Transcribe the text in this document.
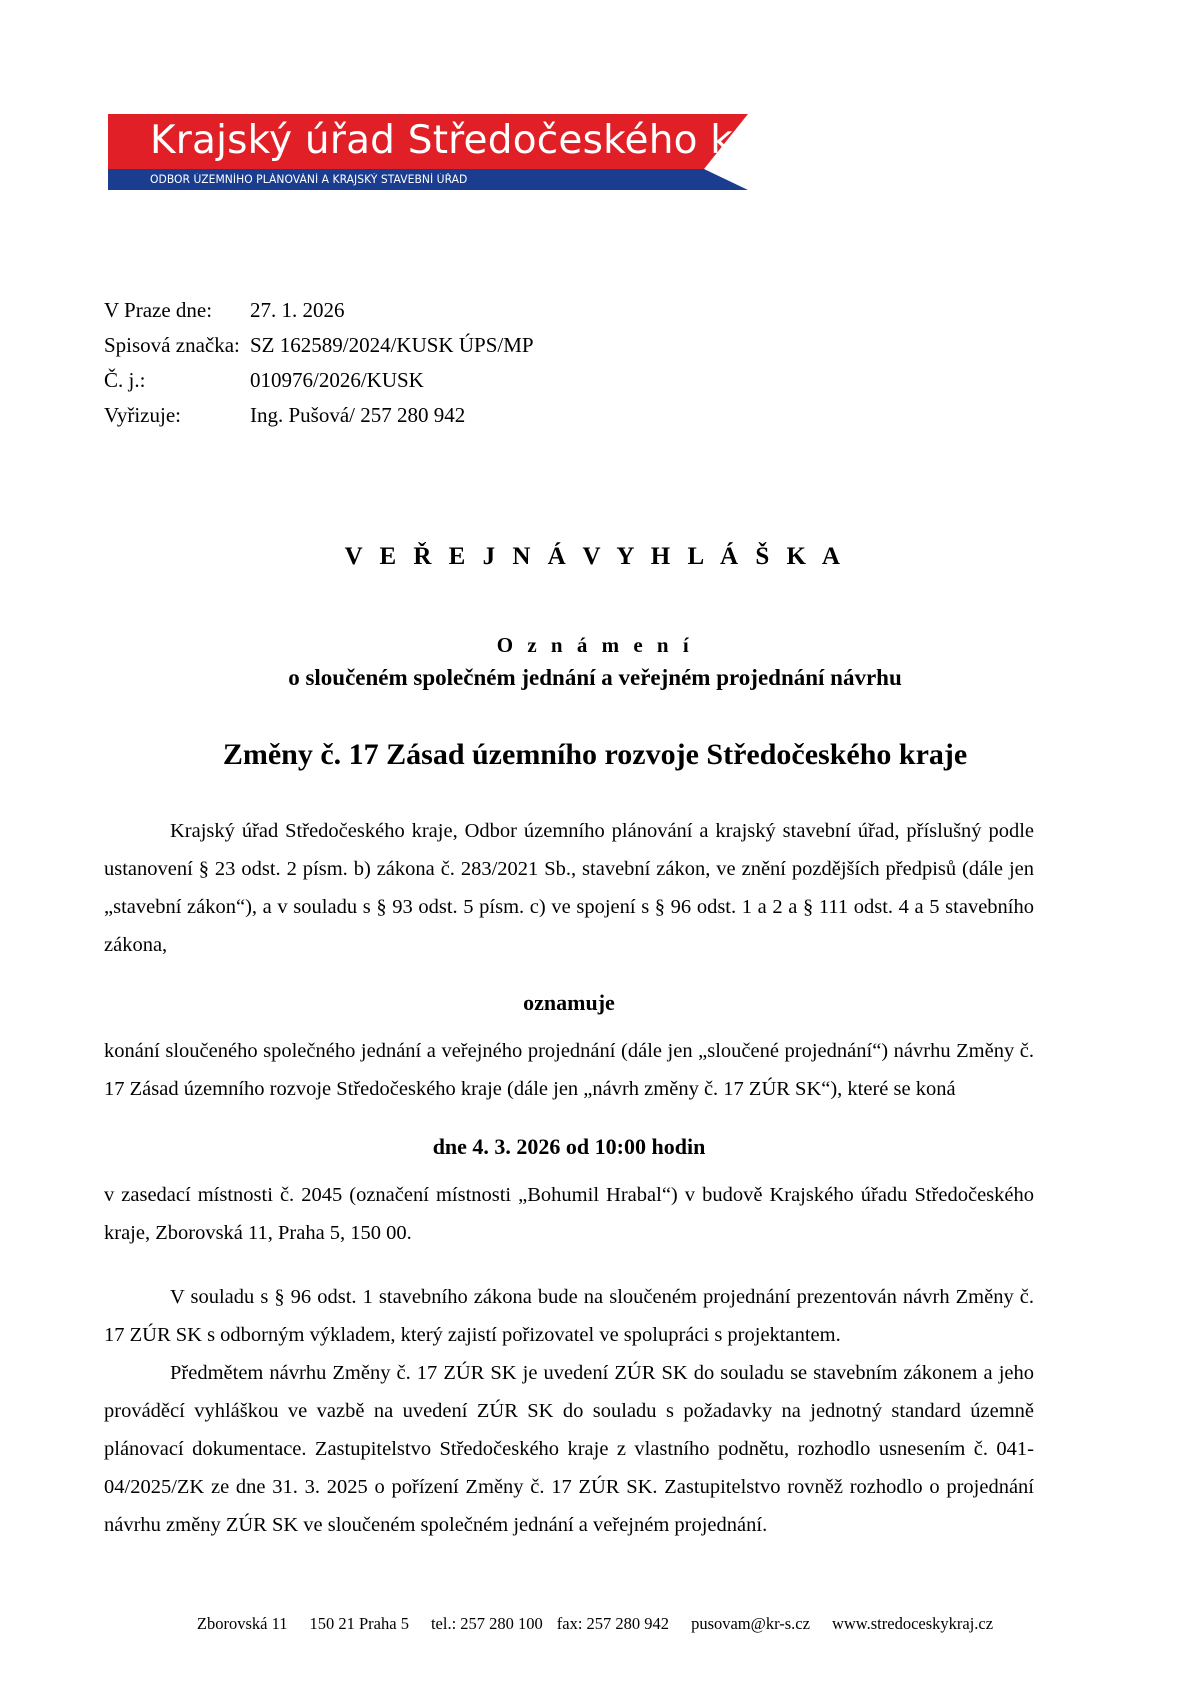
Krajský úřad Středočeského kraje
ODBOR ÚZEMNÍHO PLÁNOVÁNÍ A KRAJSKÝ STAVEBNÍ ÚŘAD
V Praze dne:	27. 1. 2026
Spisová značka: SZ 162589/2024/KUSK ÚPS/MP
Č. j.:	010976/2026/KUSK
Vyřizuje:	Ing. Pušová/ 257 280 942
V E Ř E J N Á V Y H L Á Š K A
O z n á m e n í
o sloučeném společném jednání a veřejném projednání návrhu
Změny č. 17 Zásad územního rozvoje Středočeského kraje

Krajský úřad Středočeského kraje, Odbor územního plánování a krajský stavební úřad, příslušný podle ustanovení § 23 odst. 2 písm. b) zákona č. 283/2021 Sb., stavební zákon, ve znění pozdějších předpisů (dále jen „stavební zákon“), a v souladu s § 93 odst. 5 písm. c) ve spojení s § 96 odst. 1 a 2 a § 111 odst. 4 a 5 stavebního zákona,

oznamuje

konání sloučeného společného jednání a veřejného projednání (dále jen „sloučené projednání“) návrhu Změny č. 17 Zásad územního rozvoje Středočeského kraje (dále jen „návrh změny č. 17 ZÚR SK“), které se koná

dne 4. 3. 2026 od 10:00 hodin

v zasedací místnosti č. 2045 (označení místnosti „Bohumil Hrabal“) v budově Krajského úřadu Středočeského kraje, Zborovská 11, Praha 5, 150 00.

V souladu s § 96 odst. 1 stavebního zákona bude na sloučeném projednání prezentován návrh Změny č. 17 ZÚR SK s odborným výkladem, který zajistí pořizovatel ve spolupráci s projektantem.

Předmětem návrhu Změny č. 17 ZÚR SK je uvedení ZÚR SK do souladu se stavebním zákonem a jeho prováděcí vyhláškou ve vazbě na uvedení ZÚR SK do souladu s požadavky na jednotný standard územně plánovací dokumentace. Zastupitelstvo Středočeského kraje z vlastního podnětu, rozhodlo usnesením č. 041-04/2025/ZK ze dne 31. 3. 2025 o pořízení Změny č. 17 ZÚR SK. Zastupitelstvo rovněž rozhodlo o projednání návrhu změny ZÚR SK ve sloučeném společném jednání a veřejném projednání.

Zborovská 11 150 21 Praha 5 tel.: 257 280 100 fax: 257 280 942 pusovam@kr-s.cz www.stredoceskykraj.cz
